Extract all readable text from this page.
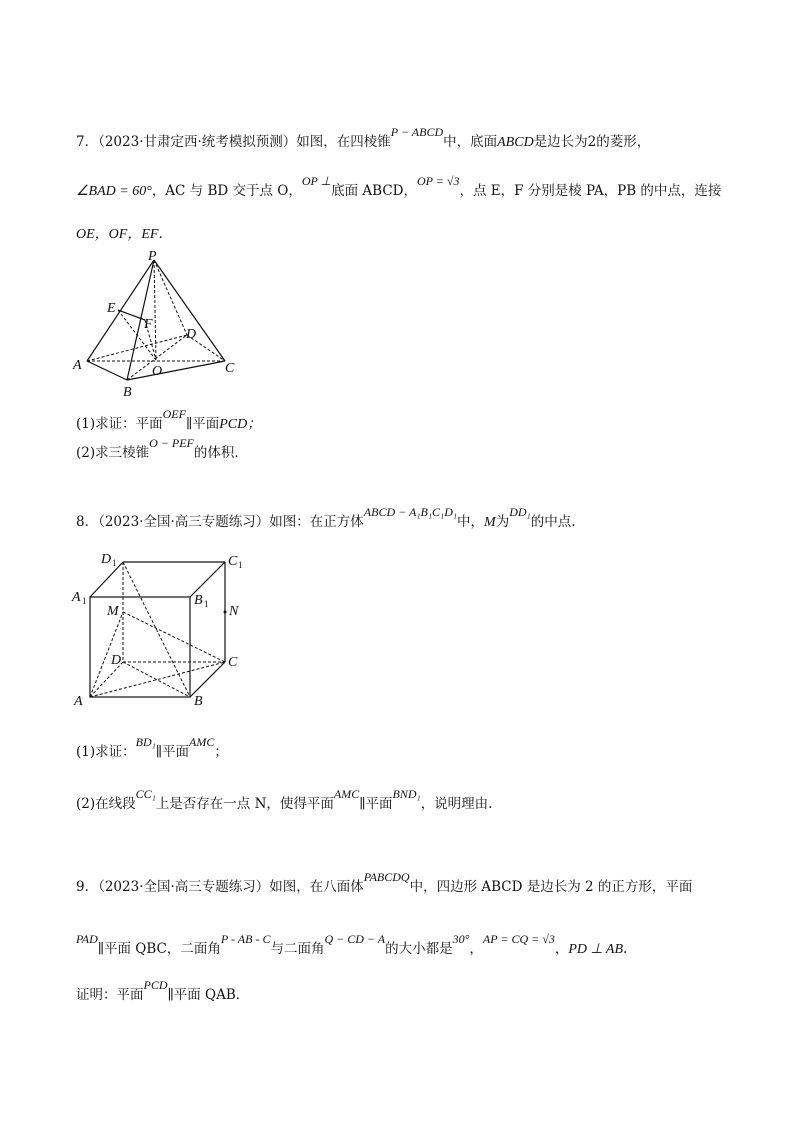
7．（2023·甘肃定西·统考模拟预测）如图，在四棱锥P − ABCD中，底面ABCD是边长为2的菱形，
∠BAD = 60°，AC 与 BD 交于点 O，OP ⊥底面 ABCD，OP = √3，点 E，F 分别是棱 PA，PB 的中点，连接
OE，OF，EF．
P
E
F
D
A	O	C
B
(1)求证：平面OEF∥平面PCD；
(2)求三棱锥O − PEF的体积．
8．（2023·全国·高三专题练习）如图：在正方体ABCD − A₁B₁C₁D₁中，M为DD₁的中点.
D 1	C 1
A 1	B 1
M	N
D	C
A	B
(1)求证：BD₁∥平面AMC；
(2)在线段CC₁上是否存在一点 N，使得平面AMC∥平面BND₁，说明理由.
9．（2023·全国·高三专题练习）如图，在八面体PABCDQ中，四边形 ABCD 是边长为 2 的正方形，平面
PAD∥平面 QBC，二面角P - AB - C与二面角Q − CD − A的大小都是30°，AP = CQ = √3，PD ⊥ AB.
证明：平面PCD∥平面 QAB．
